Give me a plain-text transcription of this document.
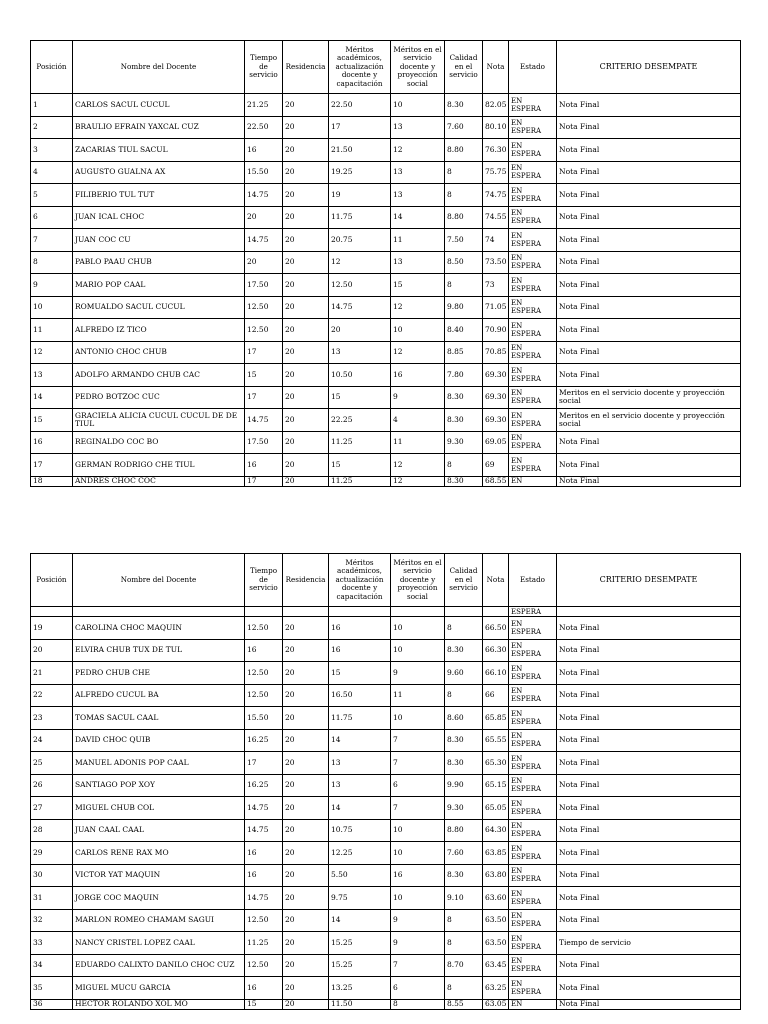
Posición	Nombre del Docente	Tiempo de servicio	Residencia	Méritos académicos, actualización docente y capacitación	Méritos en el servicio docente y proyección social	Calidad en el servicio	Nota	Estado	CRITERIO DESEMPATE
1	CARLOS SACUL CUCUL	21.25	20	22.50	10	8.30	82.05	EN ESPERA	Nota Final
2	BRAULIO EFRAIN YAXCAL CUZ	22.50	20	17	13	7.60	80.10	EN ESPERA	Nota Final
3	ZACARIAS TIUL SACUL	16	20	21.50	12	8.80	76.30	EN ESPERA	Nota Final
4	AUGUSTO GUALNA AX	15.50	20	19.25	13	8	75.75	EN ESPERA	Nota Final
5	FILIBERIO TUL TUT	14.75	20	19	13	8	74.75	EN ESPERA	Nota Final
6	JUAN ICAL CHOC	20	20	11.75	14	8.80	74.55	EN ESPERA	Nota Final
7	JUAN COC CU	14.75	20	20.75	11	7.50	74	EN ESPERA	Nota Final
8	PABLO PAAU CHUB	20	20	12	13	8.50	73.50	EN ESPERA	Nota Final
9	MARIO POP CAAL	17.50	20	12.50	15	8	73	EN ESPERA	Nota Final
10	ROMUALDO SACUL CUCUL	12.50	20	14.75	12	9.80	71.05	EN ESPERA	Nota Final
11	ALFREDO IZ TICO	12.50	20	20	10	8.40	70.90	EN ESPERA	Nota Final
12	ANTONIO CHOC CHUB	17	20	13	12	8.85	70.85	EN ESPERA	Nota Final
13	ADOLFO ARMANDO CHUB CAC	15	20	10.50	16	7.80	69.30	EN ESPERA	Nota Final
14	PEDRO BOTZOC CUC	17	20	15	9	8.30	69.30	EN ESPERA	Meritos en el servicio docente y proyección social
15	GRACIELA ALICIA CUCUL CUCUL DE DE TIUL	14.75	20	22.25	4	8.30	69.30	EN ESPERA	Meritos en el servicio docente y proyección social
16	REGINALDO COC BO	17.50	20	11.25	11	9.30	69.05	EN ESPERA	Nota Final
17	GERMAN RODRIGO CHE TIUL	16	20	15	12	8	69	EN ESPERA	Nota Final
18	ANDRES CHOC COC	17	20	11.25	12	8.30	68.55	EN	Nota Final
Posición	Nombre del Docente	Tiempo de servicio	Residencia	Méritos académicos, actualización docente y capacitación	Méritos en el servicio docente y proyección social	Calidad en el servicio	Nota	Estado	CRITERIO DESEMPATE
								ESPERA	
19	CAROLINA CHOC MAQUIN	12.50	20	16	10	8	66.50	EN ESPERA	Nota Final
20	ELVIRA CHUB TUX DE TUL	16	20	16	10	8.30	66.30	EN ESPERA	Nota Final
21	PEDRO CHUB CHE	12.50	20	15	9	9.60	66.10	EN ESPERA	Nota Final
22	ALFREDO CUCUL BA	12.50	20	16.50	11	8	66	EN ESPERA	Nota Final
23	TOMAS SACUL CAAL	15.50	20	11.75	10	8.60	65.85	EN ESPERA	Nota Final
24	DAVID CHOC QUIB	16.25	20	14	7	8.30	65.55	EN ESPERA	Nota Final
25	MANUEL ADONIS POP CAAL	17	20	13	7	8.30	65.30	EN ESPERA	Nota Final
26	SANTIAGO POP XOY	16.25	20	13	6	9.90	65.15	EN ESPERA	Nota Final
27	MIGUEL CHUB COL	14.75	20	14	7	9.30	65.05	EN ESPERA	Nota Final
28	JUAN CAAL CAAL	14.75	20	10.75	10	8.80	64.30	EN ESPERA	Nota Final
29	CARLOS RENE RAX MO	16	20	12.25	10	7.60	63.85	EN ESPERA	Nota Final
30	VICTOR YAT MAQUIN	16	20	5.50	16	8.30	63.80	EN ESPERA	Nota Final
31	JORGE COC MAQUIN	14.75	20	9.75	10	9.10	63.60	EN ESPERA	Nota Final
32	MARLON ROMEO CHAMAM SAGUI	12.50	20	14	9	8	63.50	EN ESPERA	Nota Final
33	NANCY CRISTEL LOPEZ CAAL	11.25	20	15.25	9	8	63.50	EN ESPERA	Tiempo de servicio
34	EDUARDO CALIXTO DANILO CHOC CUZ	12.50	20	15.25	7	8.70	63.45	EN ESPERA	Nota Final
35	MIGUEL MUCU GARCIA	16	20	13.25	6	8	63.25	EN ESPERA	Nota Final
36	HECTOR ROLANDO XOL MO	15	20	11.50	8	8.55	63.05	EN	Nota Final
